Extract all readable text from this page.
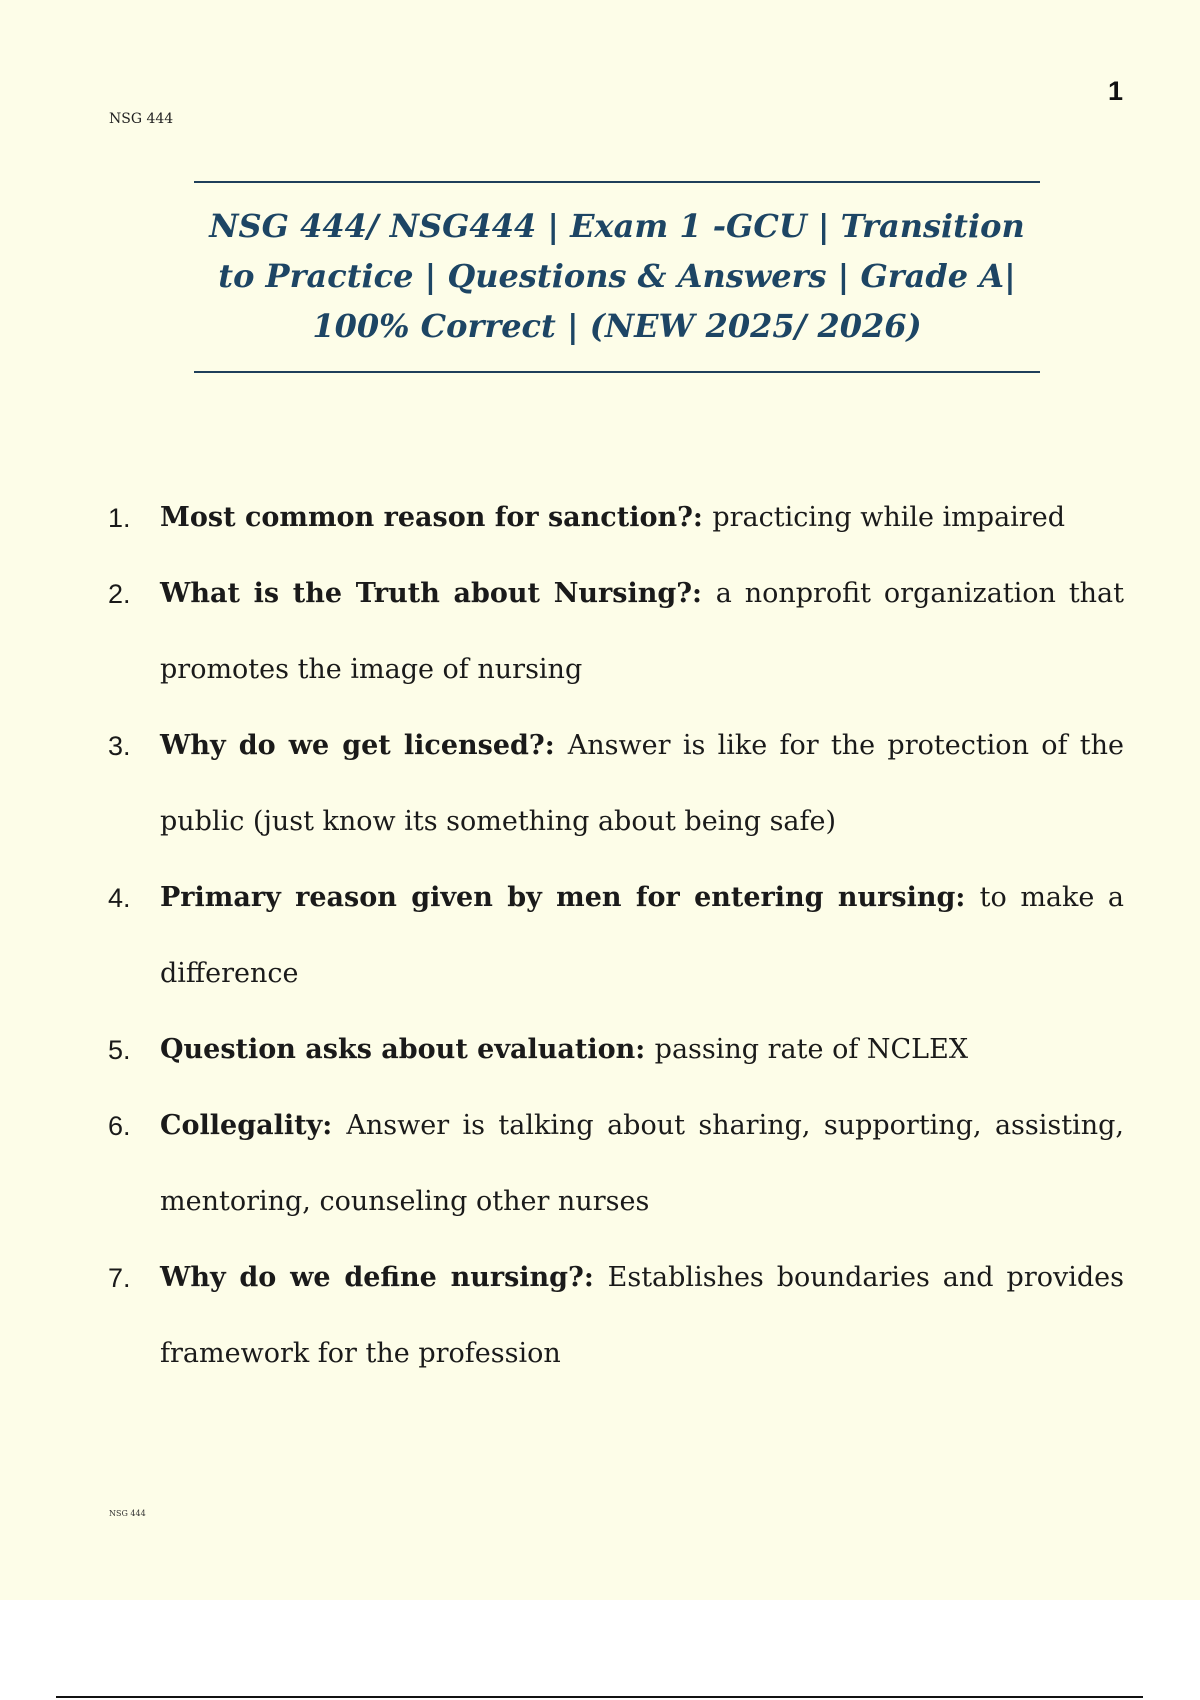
1
NSG 444
NSG 444/ NSG444 | Exam 1 -GCU | Transition to Practice | Questions & Answers | Grade A| 100% Correct | (NEW 2025/ 2026)
1. Most common reason for sanction?: practicing while impaired
2. What is the Truth about Nursing?: a nonprofit organization that promotes the image of nursing
3. Why do we get licensed?: Answer is like for the protection of the public (just know its something about being safe)
4. Primary reason given by men for entering nursing: to make a difference
5. Question asks about evaluation: passing rate of NCLEX
6. Collegality: Answer is talking about sharing, supporting, assisting, mentoring, counseling other nurses
7. Why do we define nursing?: Establishes boundaries and provides framework for the profession
NSG 444
